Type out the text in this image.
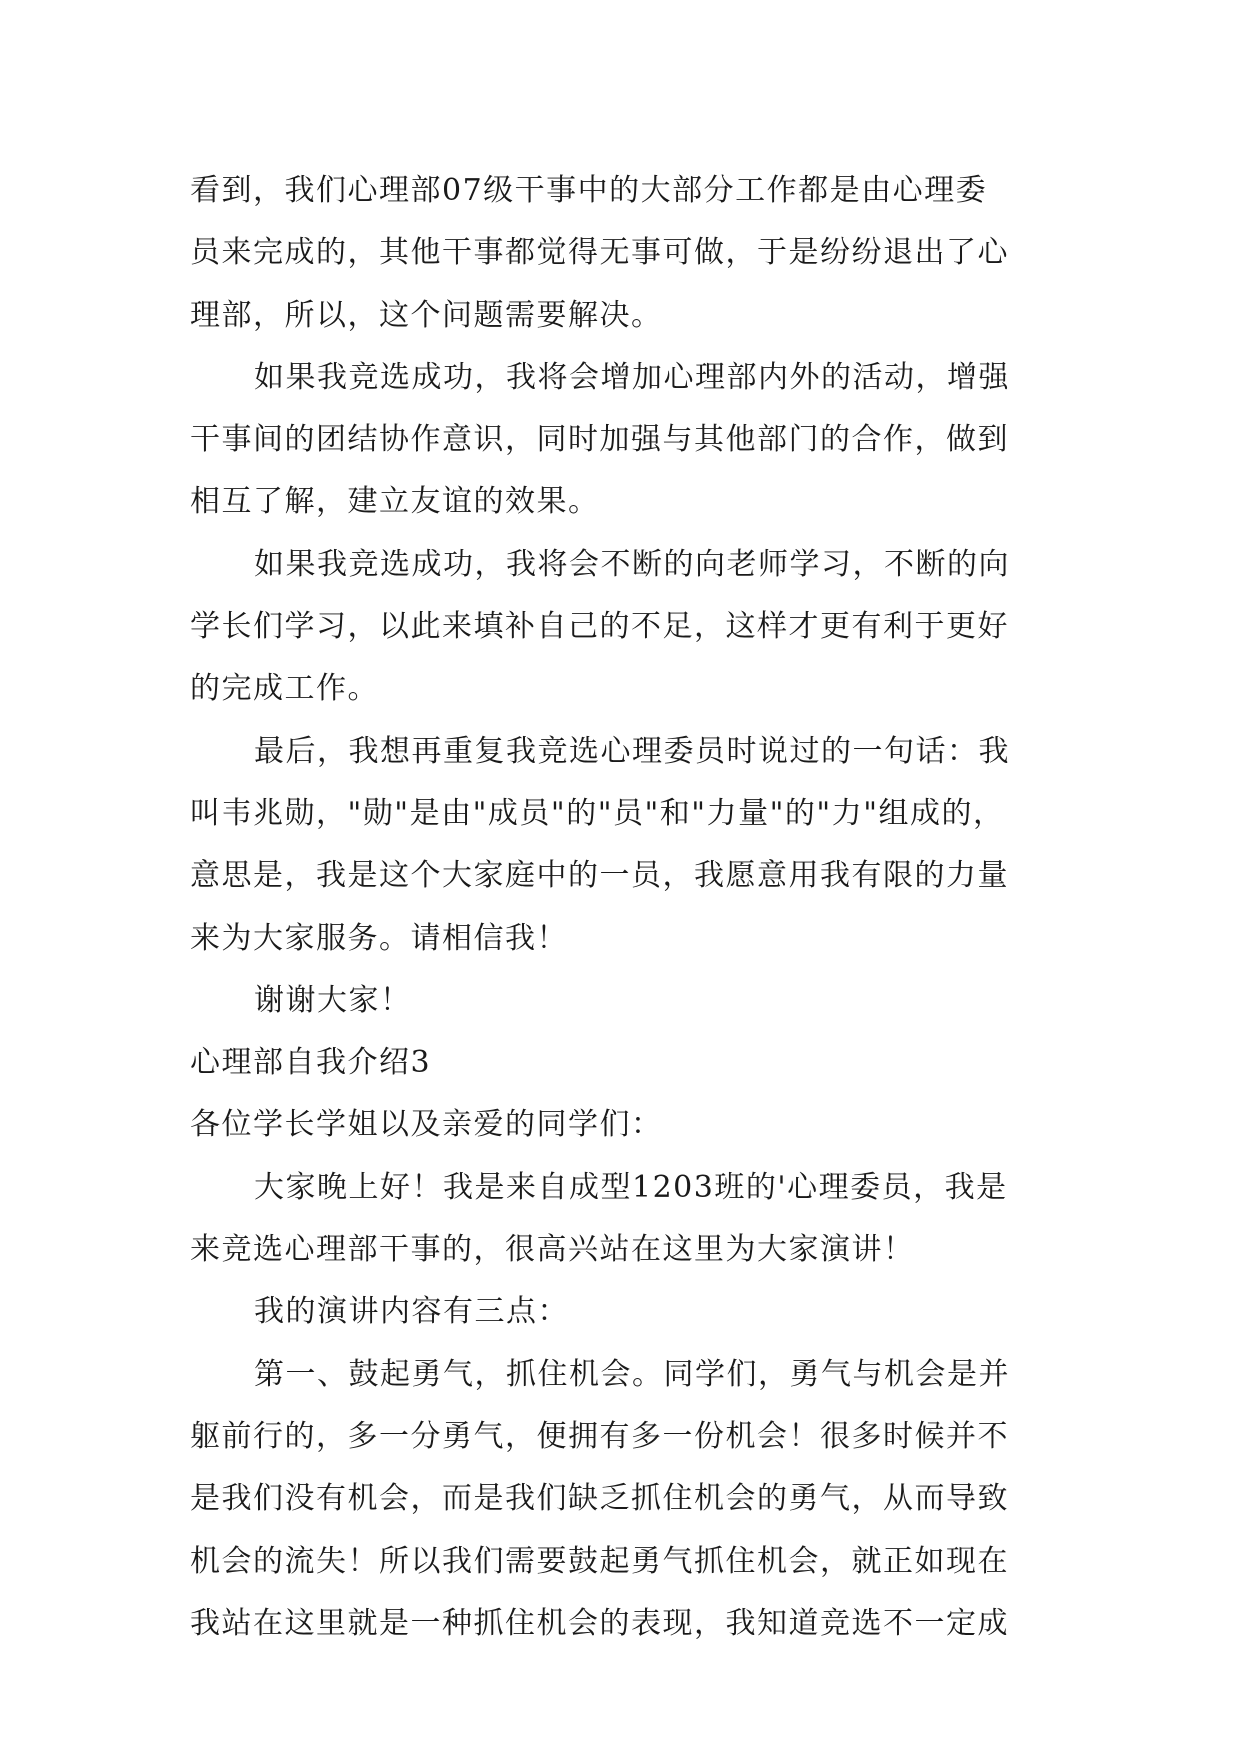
看到，我们心理部07级干事中的大部分工作都是由心理委
员来完成的，其他干事都觉得无事可做，于是纷纷退出了心
理部，所以，这个问题需要解决。
如果我竞选成功，我将会增加心理部内外的活动，增强
干事间的团结协作意识，同时加强与其他部门的合作，做到
相互了解，建立友谊的效果。
如果我竞选成功，我将会不断的向老师学习，不断的向
学长们学习，以此来填补自己的不足，这样才更有利于更好
的完成工作。
最后，我想再重复我竞选心理委员时说过的一句话：我
叫韦兆勋，"勋"是由"成员"的"员"和"力量"的"力"组成的，
意思是，我是这个大家庭中的一员，我愿意用我有限的力量
来为大家服务。请相信我！
谢谢大家！
心理部自我介绍3
各位学长学姐以及亲爱的同学们：
大家晚上好！我是来自成型1203班的'心理委员，我是
来竞选心理部干事的，很高兴站在这里为大家演讲！
我的演讲内容有三点：
第一、鼓起勇气，抓住机会。同学们，勇气与机会是并
躯前行的，多一分勇气，便拥有多一份机会！很多时候并不
是我们没有机会，而是我们缺乏抓住机会的勇气，从而导致
机会的流失！所以我们需要鼓起勇气抓住机会，就正如现在
我站在这里就是一种抓住机会的表现，我知道竞选不一定成
